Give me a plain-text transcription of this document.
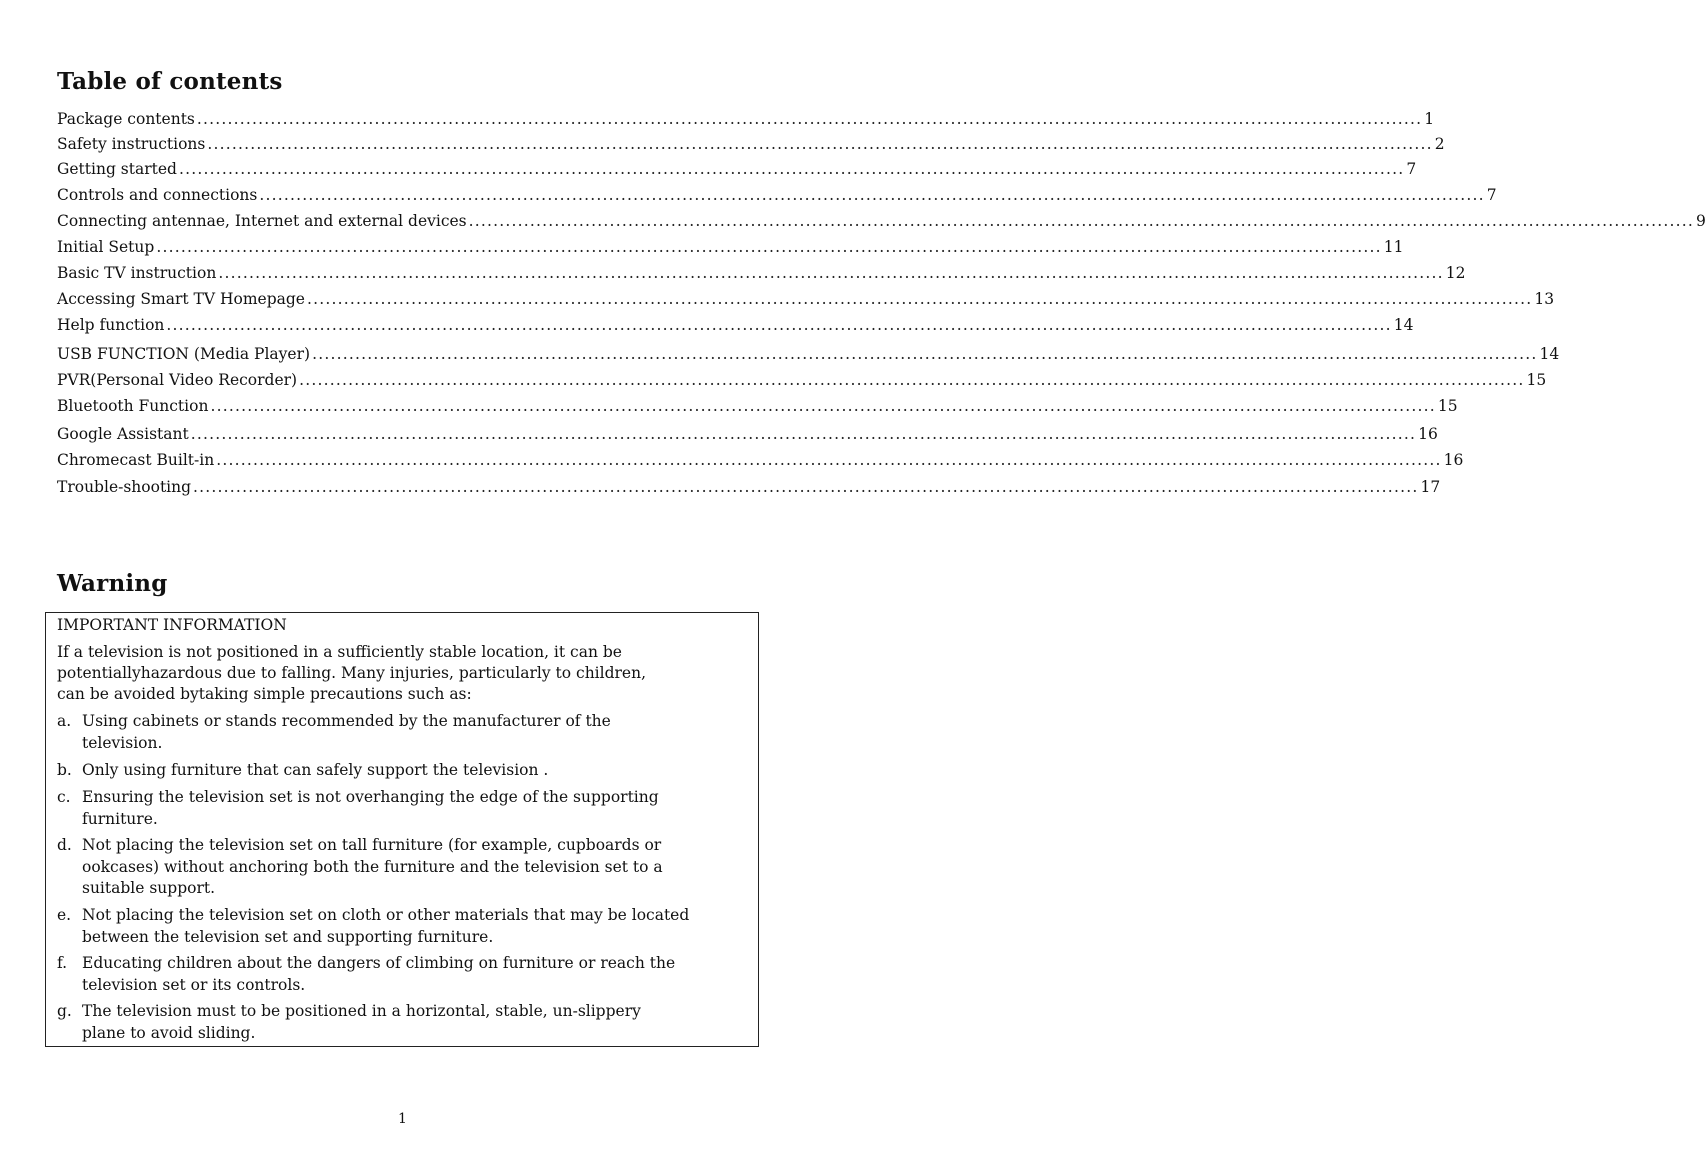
Table of contents
Package contents ........................................................................................................................................................................................................ 1
Safety instructions ........................................................................................................................................................................................................ 2
Getting started ........................................................................................................................................................................................................ 7
Controls and connections ........................................................................................................................................................................................................ 7
Connecting antennae, Internet and external devices ........................................................................................................................................................................................................ 9
Initial Setup ........................................................................................................................................................................................................ 11
Basic TV instruction ........................................................................................................................................................................................................ 12
Accessing Smart TV Homepage ........................................................................................................................................................................................................ 13
Help function ........................................................................................................................................................................................................ 14
USB FUNCTION (Media Player) ........................................................................................................................................................................................................ 14
PVR(Personal Video Recorder) ........................................................................................................................................................................................................ 15
Bluetooth Function ........................................................................................................................................................................................................ 15
Google Assistant ........................................................................................................................................................................................................ 16
Chromecast Built-in ........................................................................................................................................................................................................ 16
Trouble-shooting ........................................................................................................................................................................................................ 17
Warning
IMPORTANT INFORMATION
If a television is not positioned in a sufficiently stable location, it can be
potentiallyhazardous due to falling. Many injuries, particularly to children,
can be avoided bytaking simple precautions such as:
a. Using cabinets or stands recommended by the manufacturer of the
television.
b. Only using furniture that can safely support the television .
c. Ensuring the television set is not overhanging the edge of the supporting
furniture.
d. Not placing the television set on tall furniture (for example, cupboards or
ookcases) without anchoring both the furniture and the television set to a
suitable support.
e. Not placing the television set on cloth or other materials that may be located
between the television set and supporting furniture.
f. Educating children about the dangers of climbing on furniture or reach the
television set or its controls.
g. The television must to be positioned in a horizontal, stable, un-slippery
plane to avoid sliding.
1
